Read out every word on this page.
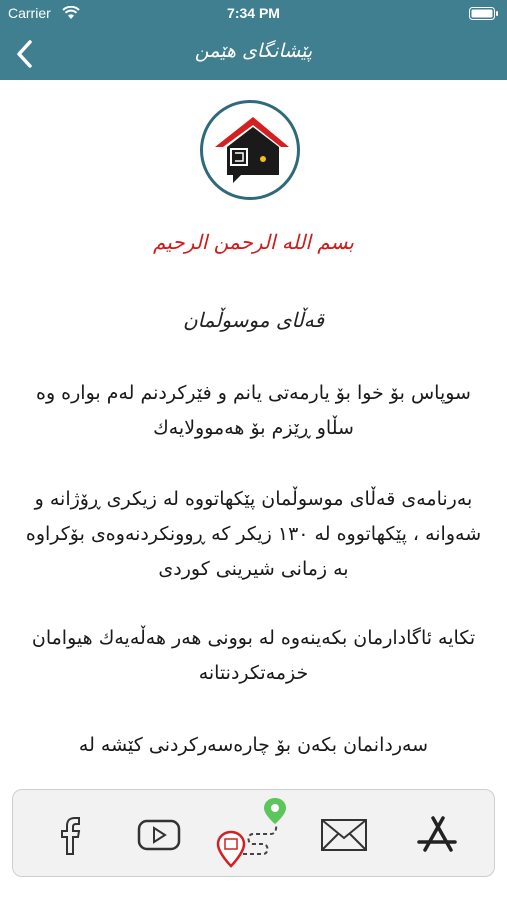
Carrier	7:34 PM
پێشانگای هێمن
بسم الله الرحمن الرحيم
قەڵای موسوڵمان
سوپاس بۆ خوا بۆ یارمەتی یانم و فێرکردنم لەم بوارە وە سڵاو ڕێزم بۆ هەموولایەك
بەرنامەی قەڵای موسوڵمان پێکهاتووە لە زیکری ڕۆژانە و شەوانە ، پێکهاتووە لە ١٣٠ زیکر کە ڕوونکردنەوەی بۆکراوە بە زمانی شیرینی کوردی
تکایە ئاگادارمان بکەینەوە لە بوونی هەر هەڵەیەك هیوامان خزمەتکردنتانە
سەردانمان بکەن بۆ چارەسەرکردنی کێشە لە
